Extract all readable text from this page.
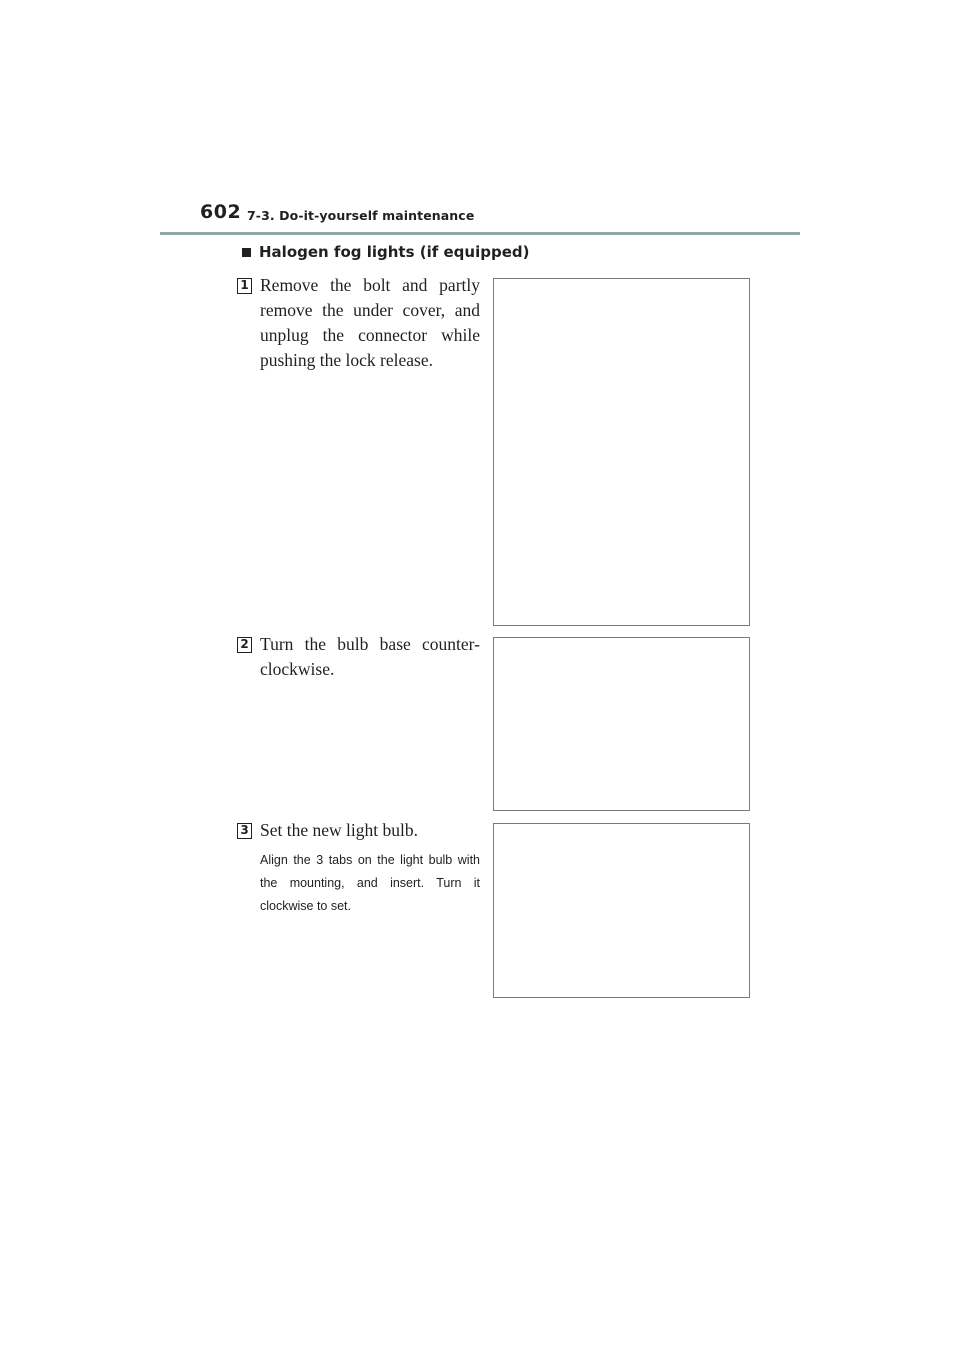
602 7-3. Do-it-yourself maintenance
Halogen fog lights (if equipped)
1 Remove the bolt and partly remove the under cover, and unplug the connector while pushing the lock release.
2 Turn the bulb base counter-clockwise.
3 Set the new light bulb.
Align the 3 tabs on the light bulb with the mounting, and insert. Turn it clockwise to set.
